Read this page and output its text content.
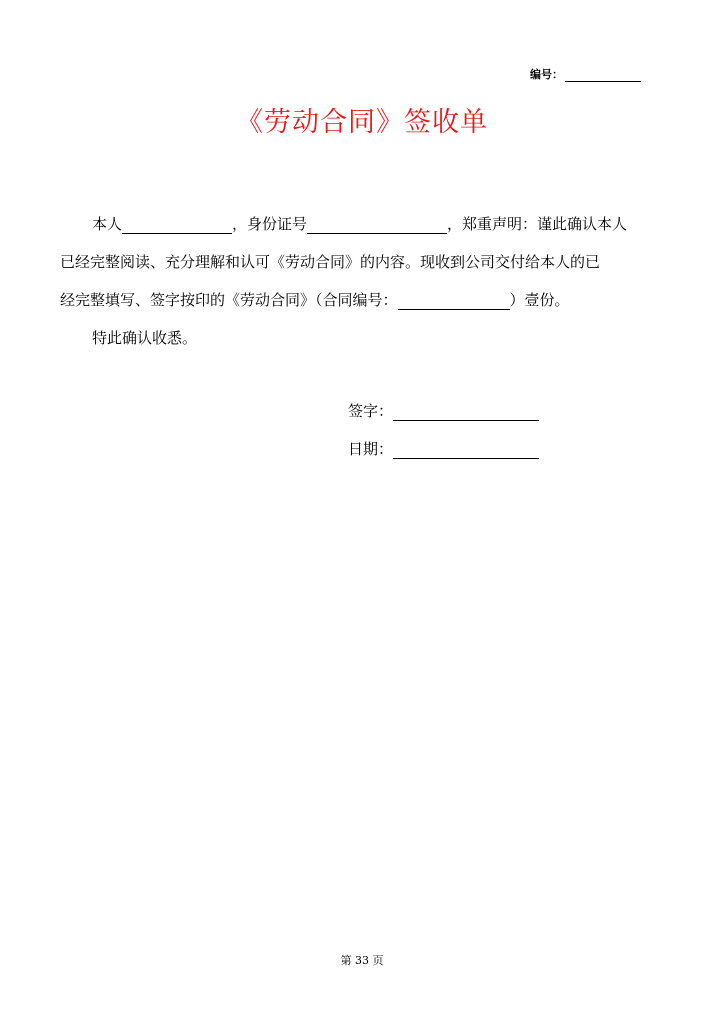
编号：
《劳动合同》签收单
本人	，身份证号	，郑重声明：谨此确认本人
已经完整阅读、充分理解和认可《劳动合同》的内容。现收到公司交付给本人的已
经完整填写、签字按印的《劳动合同》（合同编号：	）壹份。
特此确认收悉。
签字：
日期：
第 33 页
